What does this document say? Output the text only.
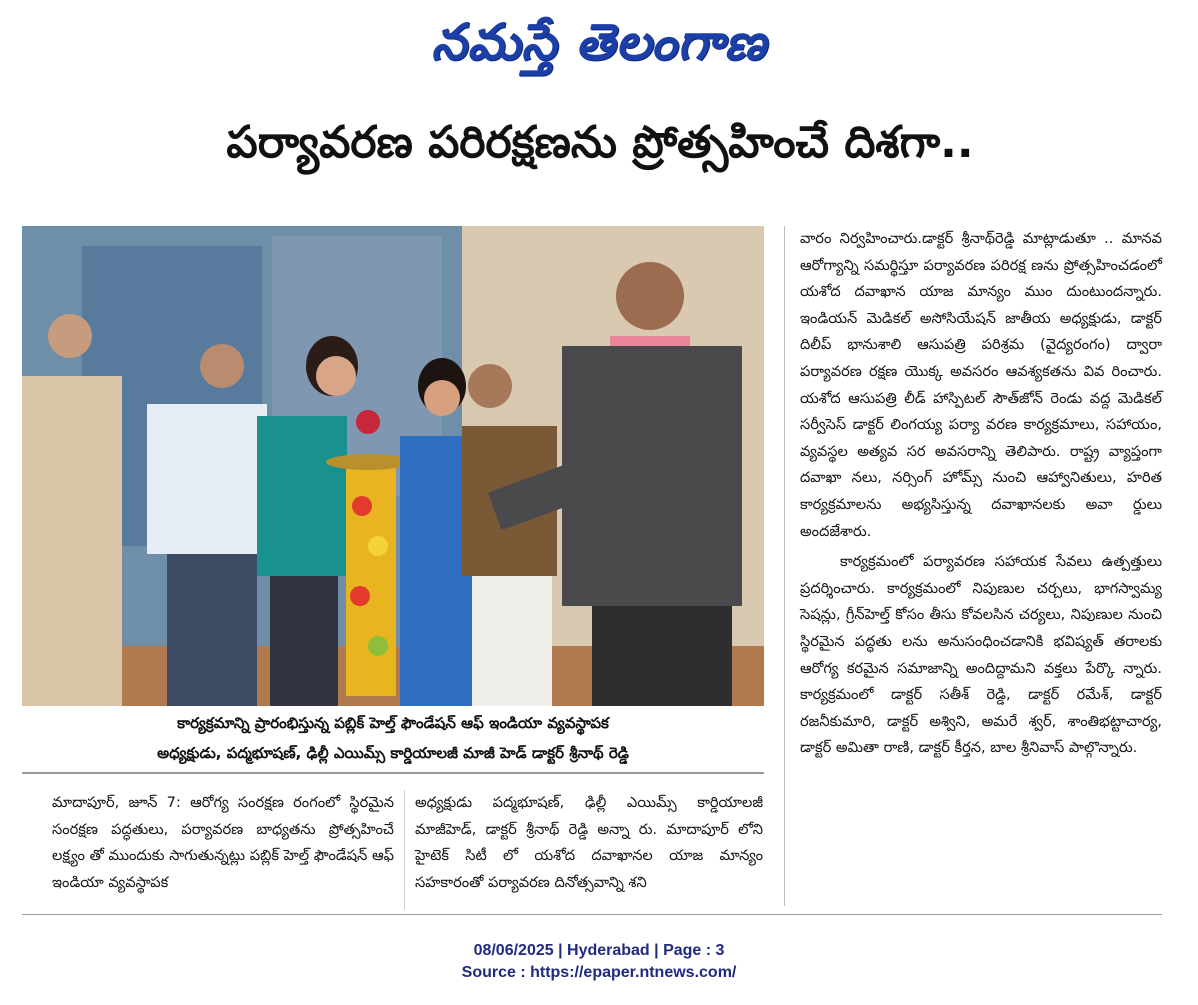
నమస్తే తెలంగాణ
పర్యావరణ పరిరక్షణను ప్రోత్సహించే దిశగా..
కార్యక్రమాన్ని ప్రారంభిస్తున్న పబ్లిక్ హెల్త్ ఫౌండేషన్ ఆఫ్ ఇండియా వ్యవస్థాపక
అధ్యక్షుడు, పద్మభూషణ్, ఢిల్లీ ఎయిమ్స్ కార్డియాలజీ మాజీ హెడ్ డాక్టర్ శ్రీనాథ్ రెడ్డి

మాదాపూర్, జూన్ 7: ఆరోగ్య సంరక్షణ రంగంలో స్థిరమైన సంరక్షణ పద్ధతులు, పర్యావరణ బాధ్యతను ప్రోత్సహించే లక్ష్యం తో ముందుకు సాగుతున్నట్లు పబ్లిక్ హెల్త్ ఫౌండేషన్ ఆఫ్ ఇండియా వ్యవస్థాపక

అధ్యక్షుడు పద్మభూషణ్, ఢిల్లీ ఎయిమ్స్ కార్డియాలజీ మాజీహెడ్, డాక్టర్ శ్రీనాథ్ రెడ్డి అన్నా రు. మాదాపూర్ లోని హైటెక్ సిటీ లో యశోద దవాఖానల యాజ మాన్యం సహకారంతో పర్యావరణ దినోత్సవాన్ని శని

వారం నిర్వహించారు.డాక్టర్ శ్రీనాథ్‌రెడ్డి మాట్లాడుతూ .. మానవ ఆరోగ్యాన్ని సమర్థిస్తూ పర్యావరణ పరిరక్ష ణను ప్రోత్సహించడంలో యశోద దవాఖాన యాజ మాన్యం ముం దుంటుందన్నారు. ఇండియన్ మెడికల్ అసోసియేషన్ జాతీయ అధ్యక్షుడు, డాక్టర్ దిలీప్ భానుశాలి ఆసుపత్రి పరిశ్రమ (వైద్యరంగం) ద్వారా పర్యావరణ రక్షణ యొక్క అవసరం ఆవశ్యకతను వివ రించారు. యశోద ఆసుపత్రి లీడ్ హాస్పిటల్ సౌత్‌జోన్ రెండు వద్ద మెడికల్ సర్వీసెస్ డాక్టర్ లింగయ్య పర్యా వరణ కార్యక్రమాలు, సహాయం, వ్యవస్థల అత్యవ సర అవసరాన్ని తెలిపారు. రాష్ట్ర వ్యాప్తంగా దవాఖా నలు, నర్సింగ్ హోమ్స్ నుంచి ఆహ్వానితులు, హరిత కార్యక్రమాలను అభ్యసిస్తున్న దవాఖానలకు అవా ర్డులు అందజేశారు.

కార్యక్రమంలో పర్యావరణ సహాయక సేవలు ఉత్పత్తులు ప్రదర్శించారు. కార్యక్రమంలో నిపుణుల చర్చలు, భాగస్వామ్య సెషన్లు, గ్రీన్‌హెల్త్ కోసం తీసు కోవలసిన చర్యలు, నిపుణుల నుంచి స్థిరమైన పద్ధతు లను అనుసంధించడానికి భవిష్యత్ తరాలకు ఆరోగ్య కరమైన సమాజాన్ని అందిద్దామని వక్తలు పేర్కొ న్నారు. కార్యక్రమంలో డాక్టర్ సతీశ్ రెడ్డి, డాక్టర్ రమేశ్, డాక్టర్ రజనీకుమారి, డాక్టర్ అశ్విని, అమరే శ్వర్, శాంతిభట్టాచార్య, డాక్టర్ అమితా రాణి, డాక్టర్ కీర్తన, బాల శ్రీనివాస్ పాల్గొన్నారు.

08/06/2025 | Hyderabad | Page : 3
Source : https://epaper.ntnews.com/
